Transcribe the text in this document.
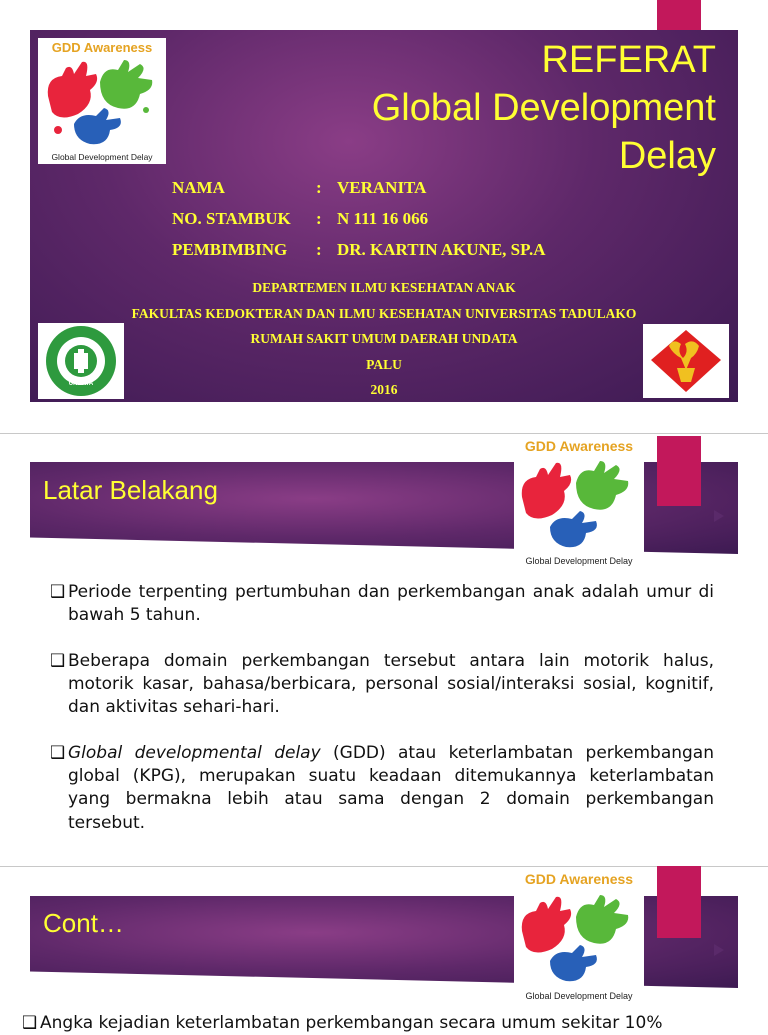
GDD Awareness
Global Development Delay
REFERAT
Global Development
Delay
NAMA	: VERANITA
NO. STAMBUK : N 111 16 066
PEMBIMBING : DR. KARTIN AKUNE, SP.A
DEPARTEMEN ILMU KESEHATAN ANAK
FAKULTAS KEDOKTERAN DAN ILMU KESEHATAN UNIVERSITAS TADULAKO
RUMAH SAKIT UMUM DAERAH UNDATA
PALU
2016
UNDATA
Latar Belakang
GDD Awareness
Global Development Delay
❑ Periode terpenting pertumbuhan dan perkembangan anak adalah umur di bawah 5 tahun.
❑ Beberapa domain perkembangan tersebut antara lain motorik halus, motorik kasar, bahasa/berbicara, personal sosial/interaksi sosial, kognitif, dan aktivitas sehari-hari.
❑ Global developmental delay (GDD) atau keterlambatan perkembangan global (KPG), merupakan suatu keadaan ditemukannya keterlambatan yang bermakna lebih atau sama dengan 2 domain perkembangan tersebut.
Cont…
GDD Awareness
Global Development Delay
❑ Angka kejadian keterlambatan perkembangan secara umum sekitar 10%
